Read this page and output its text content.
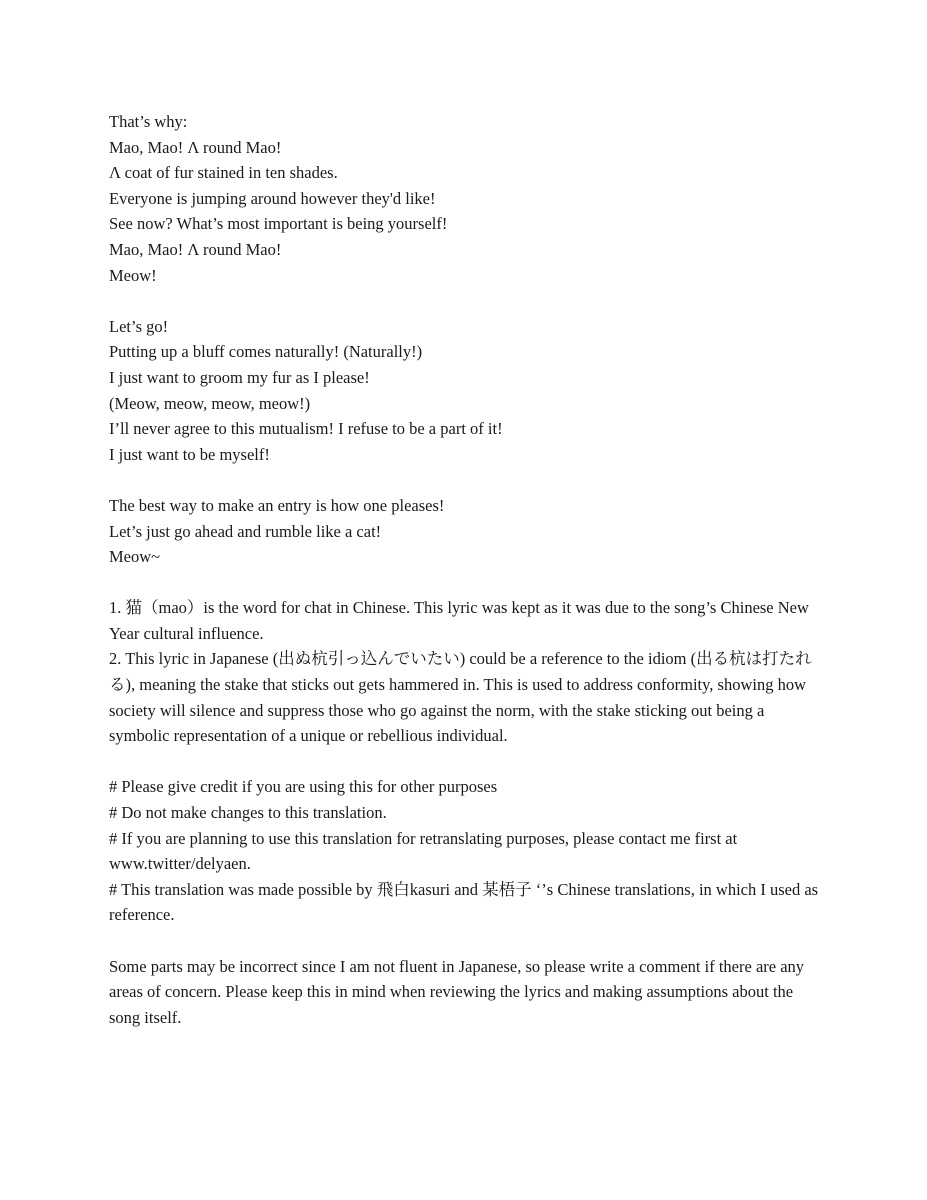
That’s why:
Mao, Mao! Λ round Mao!
Λ coat of fur stained in ten shades.
Everyone is jumping around however they'd like!
See now? What’s most important is being yourself!
Mao, Mao! Λ round Mao!
Meow!
Let’s go!
Putting up a bluff comes naturally! (Naturally!)
I just want to groom my fur as I please!
(Meow, meow, meow, meow!)
I’ll never agree to this mutualism! I refuse to be a part of it!
I just want to be myself!
The best way to make an entry is how one pleases!
Let’s just go ahead and rumble like a cat!
Meow~
1. 猫（mao）is the word for chat in Chinese. This lyric was kept as it was due to the song’s Chinese New Year cultural influence.
2. This lyric in Japanese (出ぬ杭引っ込んでいたい) could be a reference to the idiom (出る杭は打たれる), meaning the stake that sticks out gets hammered in. This is used to address conformity, showing how society will silence and suppress those who go against the norm, with the stake sticking out being a symbolic representation of a unique or rebellious individual.
# Please give credit if you are using this for other purposes
# Do not make changes to this translation.
# If you are planning to use this translation for retranslating purposes, please contact me first at www.twitter/delyaen.
# This translation was made possible by 飛白kasuri and 某梧子 ‘’s Chinese translations, in which I used as reference.
Some parts may be incorrect since I am not fluent in Japanese, so please write a comment if there are any areas of concern. Please keep this in mind when reviewing the lyrics and making assumptions about the song itself.
